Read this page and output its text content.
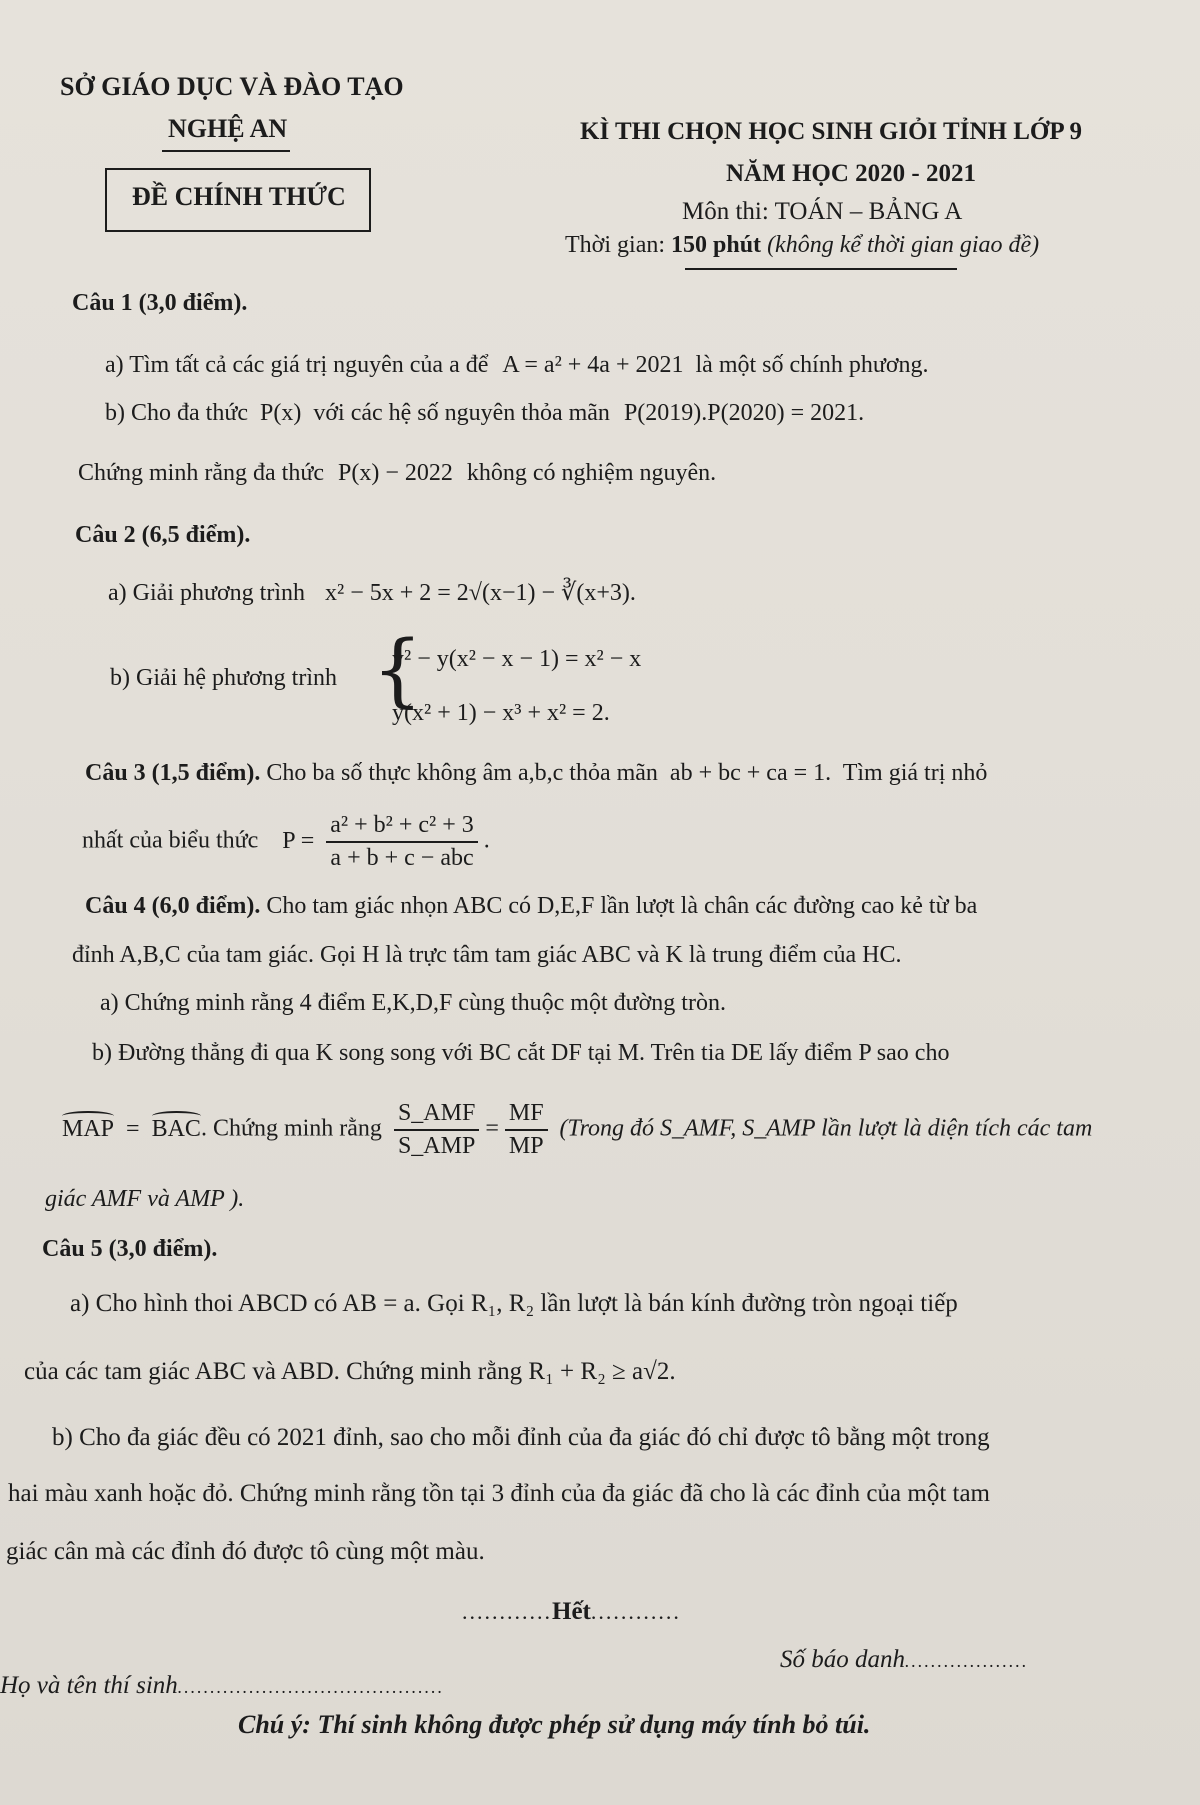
SỞ GIÁO DỤC VÀ ĐÀO TẠO
NGHỆ AN
ĐỀ CHÍNH THỨC
KÌ THI CHỌN HỌC SINH GIỎI TỈNH LỚP 9
NĂM HỌC 2020 - 2021
Môn thi: TOÁN – BẢNG A
Thời gian: 150 phút (không kể thời gian giao đề)
Câu 1 (3,0 điểm).
a) Tìm tất cả các giá trị nguyên của a để A = a² + 4a + 2021 là một số chính phương.
b) Cho đa thức P(x) với các hệ số nguyên thỏa mãn P(2019).P(2020) = 2021.
Chứng minh rằng đa thức P(x) − 2022 không có nghiệm nguyên.
Câu 2 (6,5 điểm).
a) Giải phương trình x² − 5x + 2 = 2√(x−1) − ∛(x+3).
b) Giải hệ phương trình {
y² − y(x² − x − 1) = x² − x
y(x² + 1) − x³ + x² = 2.
Câu 3 (1,5 điểm). Cho ba số thực không âm a,b,c thỏa mãn ab + bc + ca = 1. Tìm giá trị nhỏ
nhất của biểu thức $P = \frac{\text{a² + b² + c² + 3}}{\text{a + b + c − abc}}$ .
Câu 4 (6,0 điểm). Cho tam giác nhọn ABC có D,E,F lần lượt là chân các đường cao kẻ từ ba
đỉnh A,B,C của tam giác. Gọi H là trực tâm tam giác ABC và K là trung điểm của HC.
a) Chứng minh rằng 4 điểm E,K,D,F cùng thuộc một đường tròn.
b) Đường thẳng đi qua K song song với BC cắt DF tại M. Trên tia DE lấy điểm P sao cho
MAP = BAC. Chứng minh rằng $\frac{\text{S\_AMF}}{\text{S\_AMP}} = \frac{MF}{MP}$ (Trong đó S_AMF, S_AMP lần lượt là diện tích các tam
giác AMF và AMP ).
Câu 5 (3,0 điểm).
a) Cho hình thoi ABCD có AB = a. Gọi R₁, R₂ lần lượt là bán kính đường tròn ngoại tiếp
của các tam giác ABC và ABD. Chứng minh rằng R₁ + R₂ ≥ a√2.
b) Cho đa giác đều có 2021 đỉnh, sao cho mỗi đỉnh của đa giác đó chỉ được tô bằng một trong
hai màu xanh hoặc đỏ. Chứng minh rằng tồn tại 3 đỉnh của đa giác đã cho là các đỉnh của một tam
giác cân mà các đỉnh đó được tô cùng một màu.
............Hết............
Số báo danh...................
Họ và tên thí sinh.........................................
Chú ý: Thí sinh không được phép sử dụng máy tính bỏ túi.
